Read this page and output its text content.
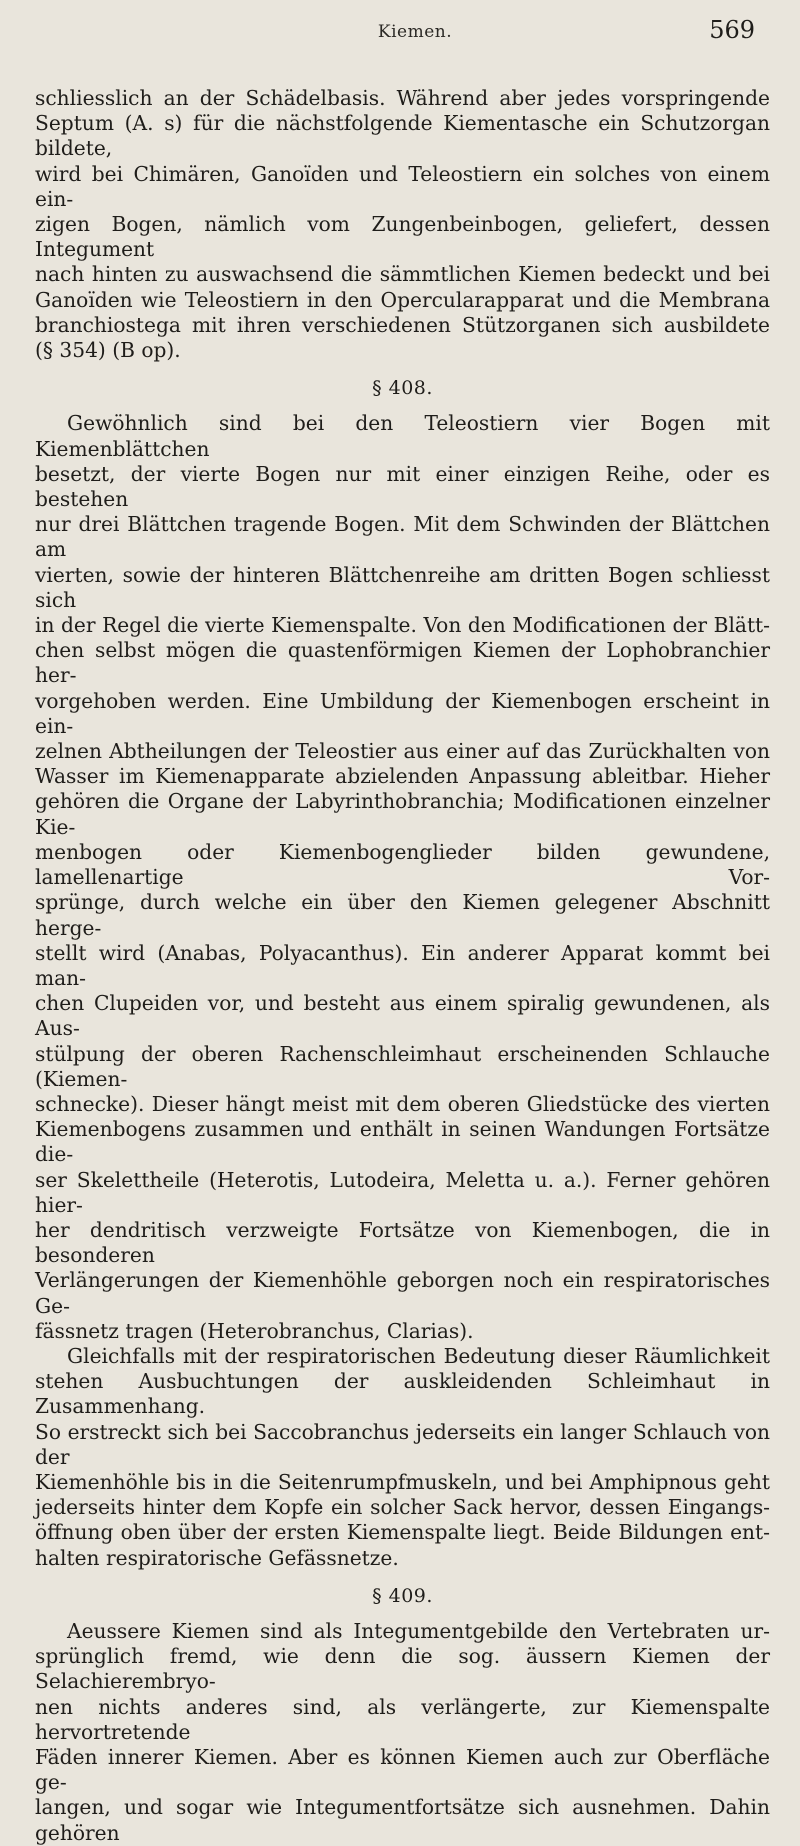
Kiemen.	569

schliesslich an der Schädelbasis. Während aber jedes vorspringende

Septum (A. s) für die nächstfolgende Kiementasche ein Schutzorgan bildete,

wird bei Chimären, Ganoïden und Teleostiern ein solches von einem ein-

zigen Bogen, nämlich vom Zungenbeinbogen, geliefert, dessen Integument

nach hinten zu auswachsend die sämmtlichen Kiemen bedeckt und bei

Ganoïden wie Teleostiern in den Opercularapparat und die Membrana

branchiostega mit ihren verschiedenen Stützorganen sich ausbildete

(§ 354) (B op).

§ 408.

Gewöhnlich sind bei den Teleostiern vier Bogen mit Kiemenblättchen

besetzt, der vierte Bogen nur mit einer einzigen Reihe, oder es bestehen

nur drei Blättchen tragende Bogen. Mit dem Schwinden der Blättchen am

vierten, sowie der hinteren Blättchenreihe am dritten Bogen schliesst sich

in der Regel die vierte Kiemenspalte. Von den Modificationen der Blätt-

chen selbst mögen die quastenförmigen Kiemen der Lophobranchier her-

vorgehoben werden. Eine Umbildung der Kiemenbogen erscheint in ein-

zelnen Abtheilungen der Teleostier aus einer auf das Zurückhalten von

Wasser im Kiemenapparate abzielenden Anpassung ableitbar. Hieher

gehören die Organe der Labyrinthobranchia; Modificationen einzelner Kie-

menbogen oder Kiemenbogenglieder bilden gewundene, lamellenartige Vor-

sprünge, durch welche ein über den Kiemen gelegener Abschnitt herge-

stellt wird (Anabas, Polyacanthus). Ein anderer Apparat kommt bei man-

chen Clupeiden vor, und besteht aus einem spiralig gewundenen, als Aus-

stülpung der oberen Rachenschleimhaut erscheinenden Schlauche (Kiemen-

schnecke). Dieser hängt meist mit dem oberen Gliedstücke des vierten

Kiemenbogens zusammen und enthält in seinen Wandungen Fortsätze die-

ser Skelettheile (Heterotis, Lutodeira, Meletta u. a.). Ferner gehören hier-

her dendritisch verzweigte Fortsätze von Kiemenbogen, die in besonderen

Verlängerungen der Kiemenhöhle geborgen noch ein respiratorisches Ge-

fässnetz tragen (Heterobranchus, Clarias).

Gleichfalls mit der respiratorischen Bedeutung dieser Räumlichkeit

stehen Ausbuchtungen der auskleidenden Schleimhaut in Zusammenhang.

So erstreckt sich bei Saccobranchus jederseits ein langer Schlauch von der

Kiemenhöhle bis in die Seitenrumpfmuskeln, und bei Amphipnous geht

jederseits hinter dem Kopfe ein solcher Sack hervor, dessen Eingangs-

öffnung oben über der ersten Kiemenspalte liegt. Beide Bildungen ent-

halten respiratorische Gefässnetze.

§ 409.

Aeussere Kiemen sind als Integumentgebilde den Vertebraten ur-

sprünglich fremd, wie denn die sog. äussern Kiemen der Selachierembryo-

nen nichts anderes sind, als verlängerte, zur Kiemenspalte hervortretende

Fäden innerer Kiemen. Aber es können Kiemen auch zur Oberfläche ge-

langen, und sogar wie Integumentfortsätze sich ausnehmen. Dahin gehören
